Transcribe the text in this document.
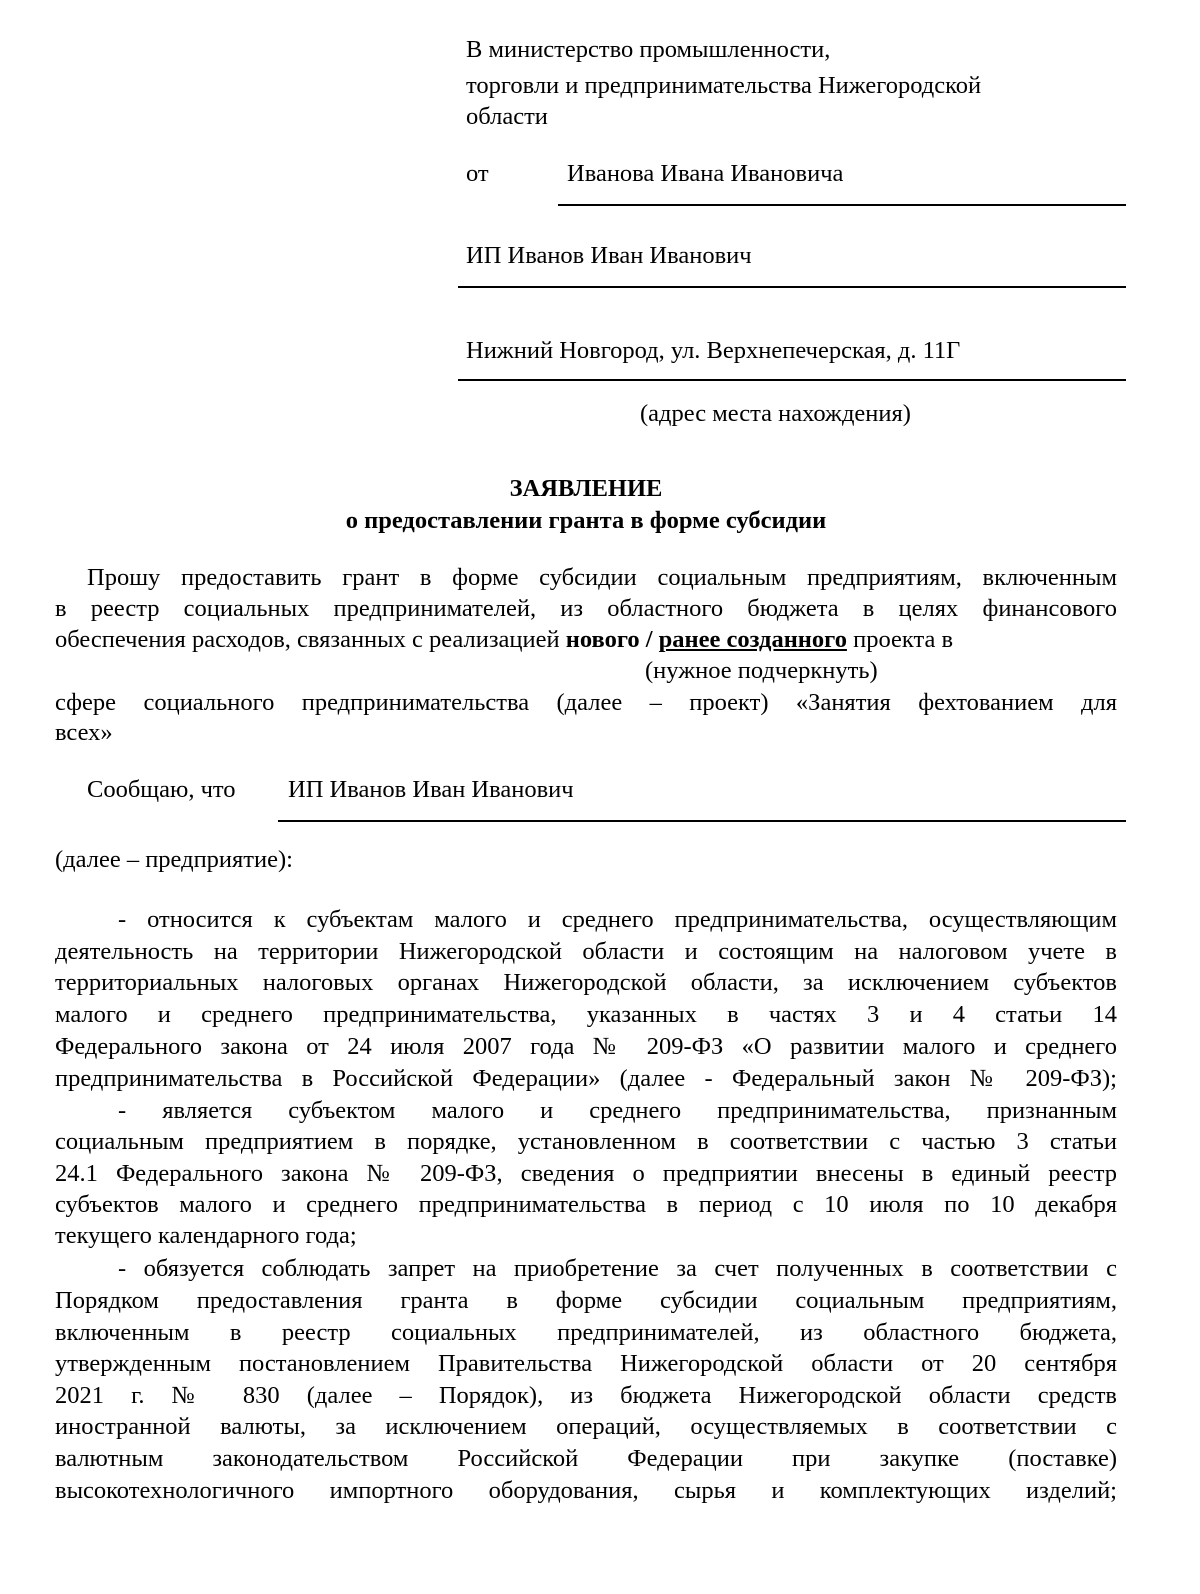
В министерство промышленности,
торговли и предпринимательства Нижегородской
области
от	Иванова Ивана Ивановича
ИП Иванов Иван Иванович
Нижний Новгород, ул. Верхнепечерская, д. 11Г
(адрес места нахождения)
ЗАЯВЛЕНИЕ
о предоставлении гранта в форме субсидии
Прошу предоставить грант в форме субсидии социальным предприятиям, включенным
в реестр социальных предпринимателей, из областного бюджета в целях финансового
обеспечения расходов, связанных с реализацией нового / ранее созданного проекта в
(нужное подчеркнуть)
сфере социального предпринимательства (далее – проект) «Занятия фехтованием для
всех»
Сообщаю, что ИП Иванов Иван Иванович
(далее – предприятие):
- относится к субъектам малого и среднего предпринимательства, осуществляющим
деятельность на территории Нижегородской области и состоящим на налоговом учете в
территориальных налоговых органах Нижегородской области, за исключением субъектов
малого и среднего предпринимательства, указанных в частях 3 и 4 статьи 14
Федерального закона от 24 июля 2007 года № 209-ФЗ «О развитии малого и среднего
предпринимательства в Российской Федерации» (далее - Федеральный закон № 209-ФЗ);
- является субъектом малого и среднего предпринимательства, признанным
социальным предприятием в порядке, установленном в соответствии с частью 3 статьи
24.1 Федерального закона № 209-ФЗ, сведения о предприятии внесены в единый реестр
субъектов малого и среднего предпринимательства в период с 10 июля по 10 декабря
текущего календарного года;
- обязуется соблюдать запрет на приобретение за счет полученных в соответствии с
Порядком предоставления гранта в форме субсидии социальным предприятиям,
включенным в реестр социальных предпринимателей, из областного бюджета,
утвержденным постановлением Правительства Нижегородской области от 20 сентября
2021 г. № 830 (далее – Порядок), из бюджета Нижегородской области средств
иностранной валюты, за исключением операций, осуществляемых в соответствии с
валютным законодательством Российской Федерации при закупке (поставке)
высокотехнологичного импортного оборудования, сырья и комплектующих изделий;
